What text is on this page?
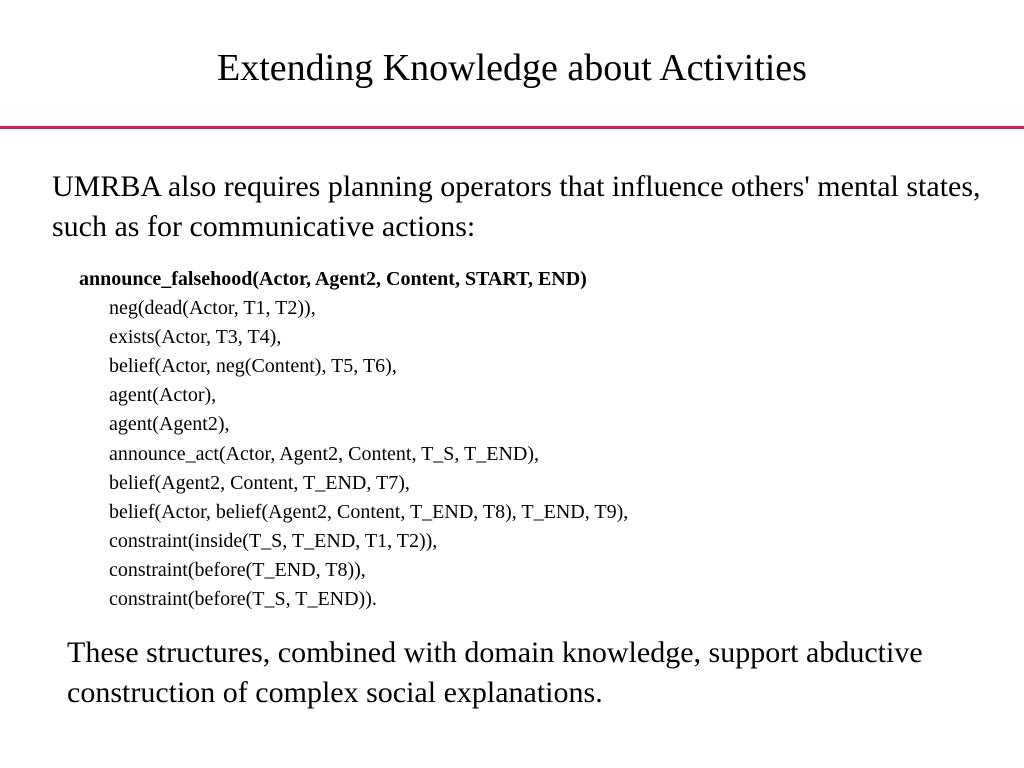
Extending Knowledge about Activities

UMRBA also requires planning operators that influence others' mental states, such as for communicative actions:

announce_falsehood(Actor, Agent2, Content, START, END)

neg(dead(Actor, T1, T2)),
exists(Actor, T3, T4),
belief(Actor, neg(Content), T5, T6),
agent(Actor),
agent(Agent2),
announce_act(Actor, Agent2, Content, T_S, T_END),
belief(Agent2, Content, T_END, T7),
belief(Actor, belief(Agent2, Content, T_END, T8), T_END, T9),
constraint(inside(T_S, T_END, T1, T2)),
constraint(before(T_END, T8)),
constraint(before(T_S, T_END)).

These structures, combined with domain knowledge, support abductive construction of complex social explanations.
